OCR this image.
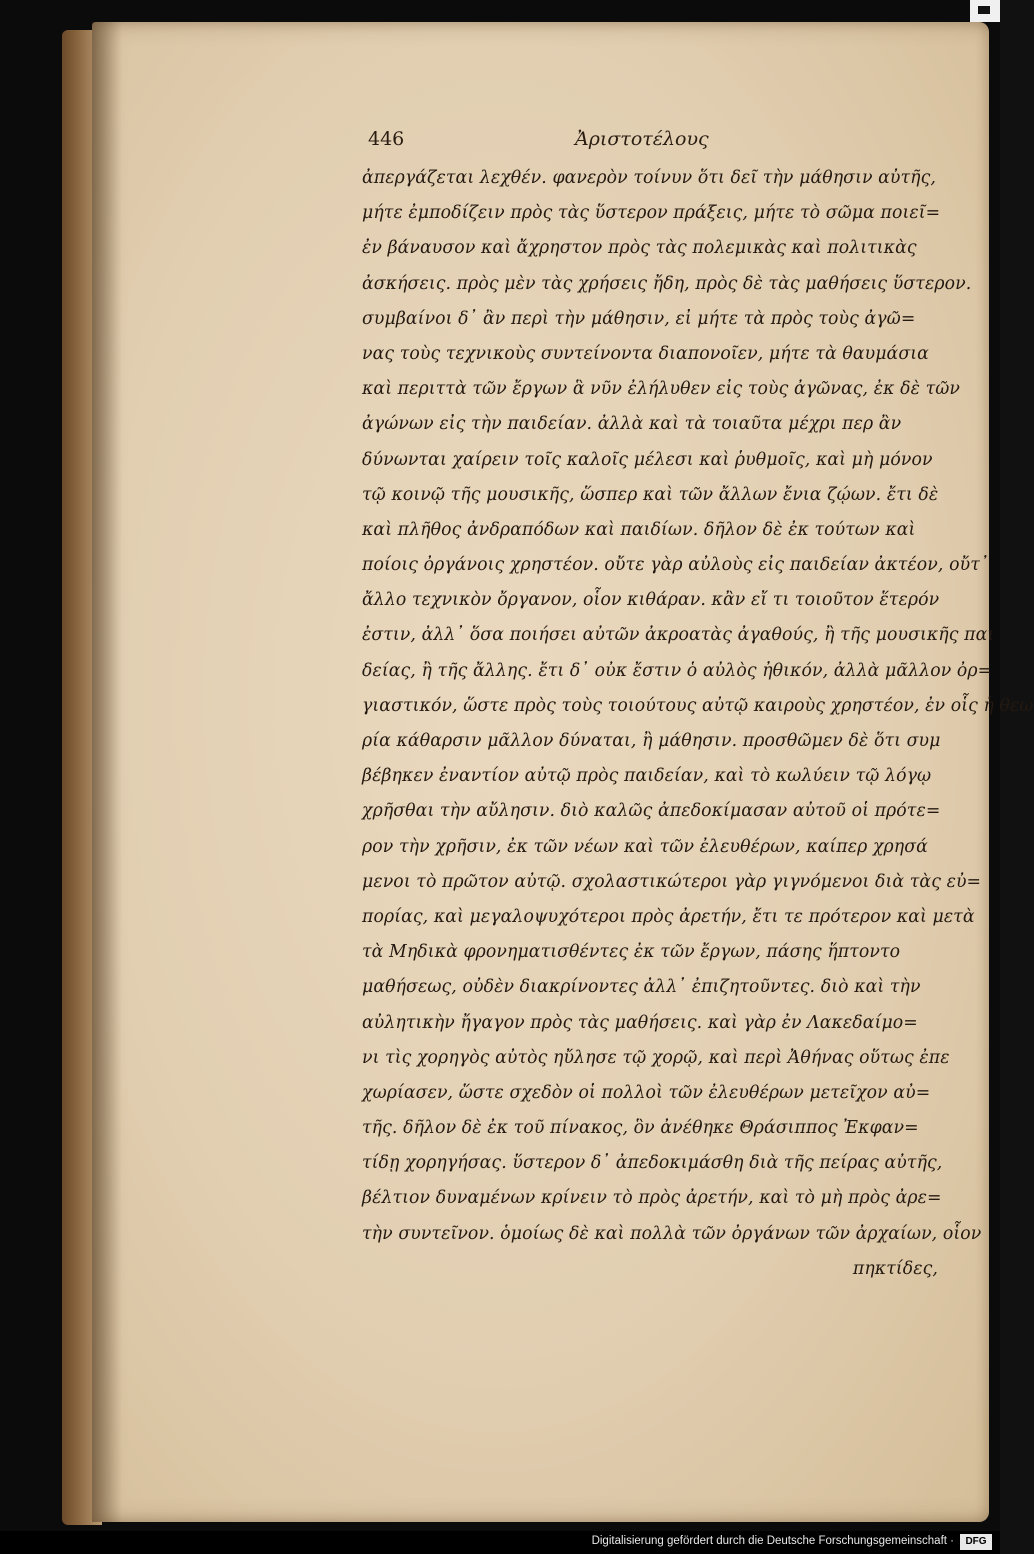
446	Ἀριστοτέλους
ἀπεργάζεται λεχθέν. φανερὸν τοίνυν ὅτι δεῖ τὴν μάθησιν αὐτῆς,
μήτε ἐμποδίζειν πρὸς τὰς ὕστερον πράξεις, μήτε τὸ σῶμα ποιεῖ=
ἐν βάναυσον καὶ ἄχρηστον πρὸς τὰς πολεμικὰς καὶ πολιτικὰς
ἀσκήσεις. πρὸς μὲν τὰς χρήσεις ἤδη, πρὸς δὲ τὰς μαθήσεις ὕστερον.
συμβαίνοι δ᾽ ἂν περὶ τὴν μάθησιν, εἰ μήτε τὰ πρὸς τοὺς ἀγῶ=
νας τοὺς τεχνικοὺς συντείνοντα διαπονοῖεν, μήτε τὰ θαυμάσια
καὶ περιττὰ τῶν ἔργων ἃ νῦν ἐλήλυθεν εἰς τοὺς ἀγῶνας, ἐκ δὲ τῶν
ἀγώνων εἰς τὴν παιδείαν. ἀλλὰ καὶ τὰ τοιαῦτα μέχρι περ ἂν
δύνωνται χαίρειν τοῖς καλοῖς μέλεσι καὶ ῥυθμοῖς, καὶ μὴ μόνον
τῷ κοινῷ τῆς μουσικῆς, ὥσπερ καὶ τῶν ἄλλων ἔνια ζῴων. ἔτι δὲ
καὶ πλῆθος ἀνδραπόδων καὶ παιδίων. δῆλον δὲ ἐκ τούτων καὶ
ποίοις ὀργάνοις χρηστέον. οὔτε γὰρ αὐλοὺς εἰς παιδείαν ἀκτέον, οὔτ᾽
ἄλλο τεχνικὸν ὄργανον, οἷον κιθάραν. κἂν εἴ τι τοιοῦτον ἕτερόν
ἐστιν, ἀλλ᾽ ὅσα ποιήσει αὐτῶν ἀκροατὰς ἀγαθούς, ἢ τῆς μουσικῆς παι
δείας, ἢ τῆς ἄλλης. ἔτι δ᾽ οὐκ ἔστιν ὁ αὐλὸς ἠθικόν, ἀλλὰ μᾶλλον ὀρ=
γιαστικόν, ὥστε πρὸς τοὺς τοιούτους αὐτῷ καιροὺς χρηστέον, ἐν οἷς ἡ θεω
ρία κάθαρσιν μᾶλλον δύναται, ἢ μάθησιν. προσθῶμεν δὲ ὅτι συμ
βέβηκεν ἐναντίον αὐτῷ πρὸς παιδείαν, καὶ τὸ κωλύειν τῷ λόγῳ
χρῆσθαι τὴν αὔλησιν. διὸ καλῶς ἀπεδοκίμασαν αὐτοῦ οἱ πρότε=
ρον τὴν χρῆσιν, ἐκ τῶν νέων καὶ τῶν ἐλευθέρων, καίπερ χρησά
μενοι τὸ πρῶτον αὐτῷ. σχολαστικώτεροι γὰρ γιγνόμενοι διὰ τὰς εὐ=
πορίας, καὶ μεγαλοψυχότεροι πρὸς ἀρετήν, ἔτι τε πρότερον καὶ μετὰ
τὰ Μηδικὰ φρονηματισθέντες ἐκ τῶν ἔργων, πάσης ἥπτοντο
μαθήσεως, οὐδὲν διακρίνοντες ἀλλ᾽ ἐπιζητοῦντες. διὸ καὶ τὴν
αὐλητικὴν ἤγαγον πρὸς τὰς μαθήσεις. καὶ γὰρ ἐν Λακεδαίμο=
νι τὶς χορηγὸς αὐτὸς ηὔλησε τῷ χορῷ, καὶ περὶ Ἀθήνας οὕτως ἐπε
χωρίασεν, ὥστε σχεδὸν οἱ πολλοὶ τῶν ἐλευθέρων μετεῖχον αὐ=
τῆς. δῆλον δὲ ἐκ τοῦ πίνακος, ὃν ἀνέθηκε Θράσιππος Ἐκφαν=
τίδῃ χορηγήσας. ὕστερον δ᾽ ἀπεδοκιμάσθη διὰ τῆς πείρας αὐτῆς,
βέλτιον δυναμένων κρίνειν τὸ πρὸς ἀρετήν, καὶ τὸ μὴ πρὸς ἀρε=
τὴν συντεῖνον. ὁμοίως δὲ καὶ πολλὰ τῶν ὀργάνων τῶν ἀρχαίων, οἷον
πηκτίδες,
Digitalisierung gefördert durch die Deutsche Forschungsgemeinschaft ·	DFG
